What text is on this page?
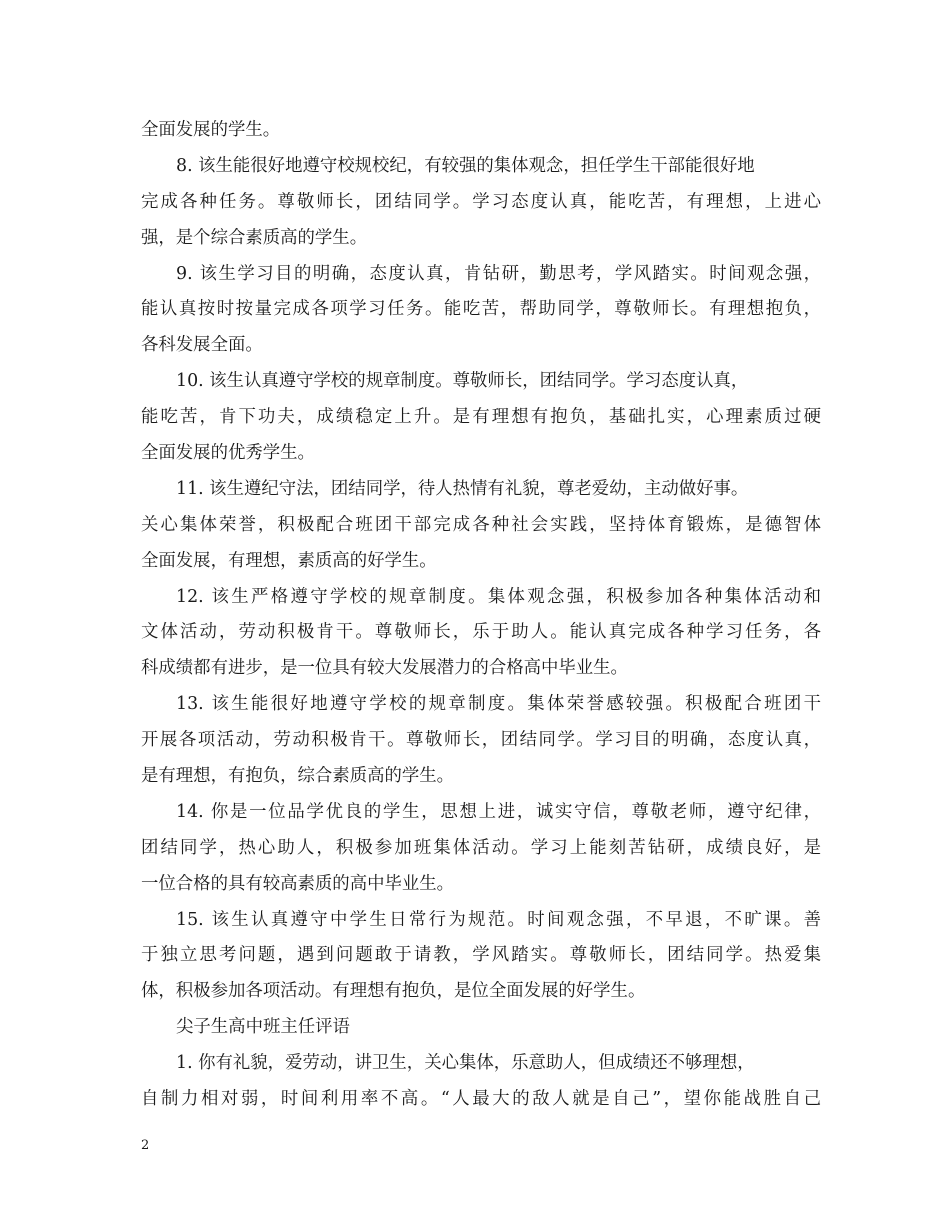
全面发展的学生。
8. 该生能很好地遵守校规校纪，有较强的集体观念，担任学生干部能很好地
完成各种任务。尊敬师长，团结同学。学习态度认真，能吃苦，有理想，上进心
强，是个综合素质高的学生。
9. 该生学习目的明确，态度认真，肯钻研，勤思考，学风踏实。时间观念强，
能认真按时按量完成各项学习任务。能吃苦，帮助同学，尊敬师长。有理想抱负，
各科发展全面。
10. 该生认真遵守学校的规章制度。尊敬师长，团结同学。学习态度认真，
能吃苦，肯下功夫，成绩稳定上升。是有理想有抱负，基础扎实，心理素质过硬
全面发展的优秀学生。
11. 该生遵纪守法，团结同学，待人热情有礼貌，尊老爱幼，主动做好事。
关心集体荣誉，积极配合班团干部完成各种社会实践，坚持体育锻炼，是德智体
全面发展，有理想，素质高的好学生。
12. 该生严格遵守学校的规章制度。集体观念强，积极参加各种集体活动和
文体活动，劳动积极肯干。尊敬师长，乐于助人。能认真完成各种学习任务，各
科成绩都有进步，是一位具有较大发展潜力的合格高中毕业生。
13. 该生能很好地遵守学校的规章制度。集体荣誉感较强。积极配合班团干
开展各项活动，劳动积极肯干。尊敬师长，团结同学。学习目的明确，态度认真，
是有理想，有抱负，综合素质高的学生。
14. 你是一位品学优良的学生，思想上进，诚实守信，尊敬老师，遵守纪律，
团结同学，热心助人，积极参加班集体活动。学习上能刻苦钻研，成绩良好，是
一位合格的具有较高素质的高中毕业生。
15. 该生认真遵守中学生日常行为规范。时间观念强，不早退，不旷课。善
于独立思考问题，遇到问题敢于请教，学风踏实。尊敬师长，团结同学。热爱集
体，积极参加各项活动。有理想有抱负，是位全面发展的好学生。
尖子生高中班主任评语
1. 你有礼貌，爱劳动，讲卫生，关心集体，乐意助人，但成绩还不够理想，
自制力相对弱，时间利用率不高。“人最大的敌人就是自己”，望你能战胜自己
2
